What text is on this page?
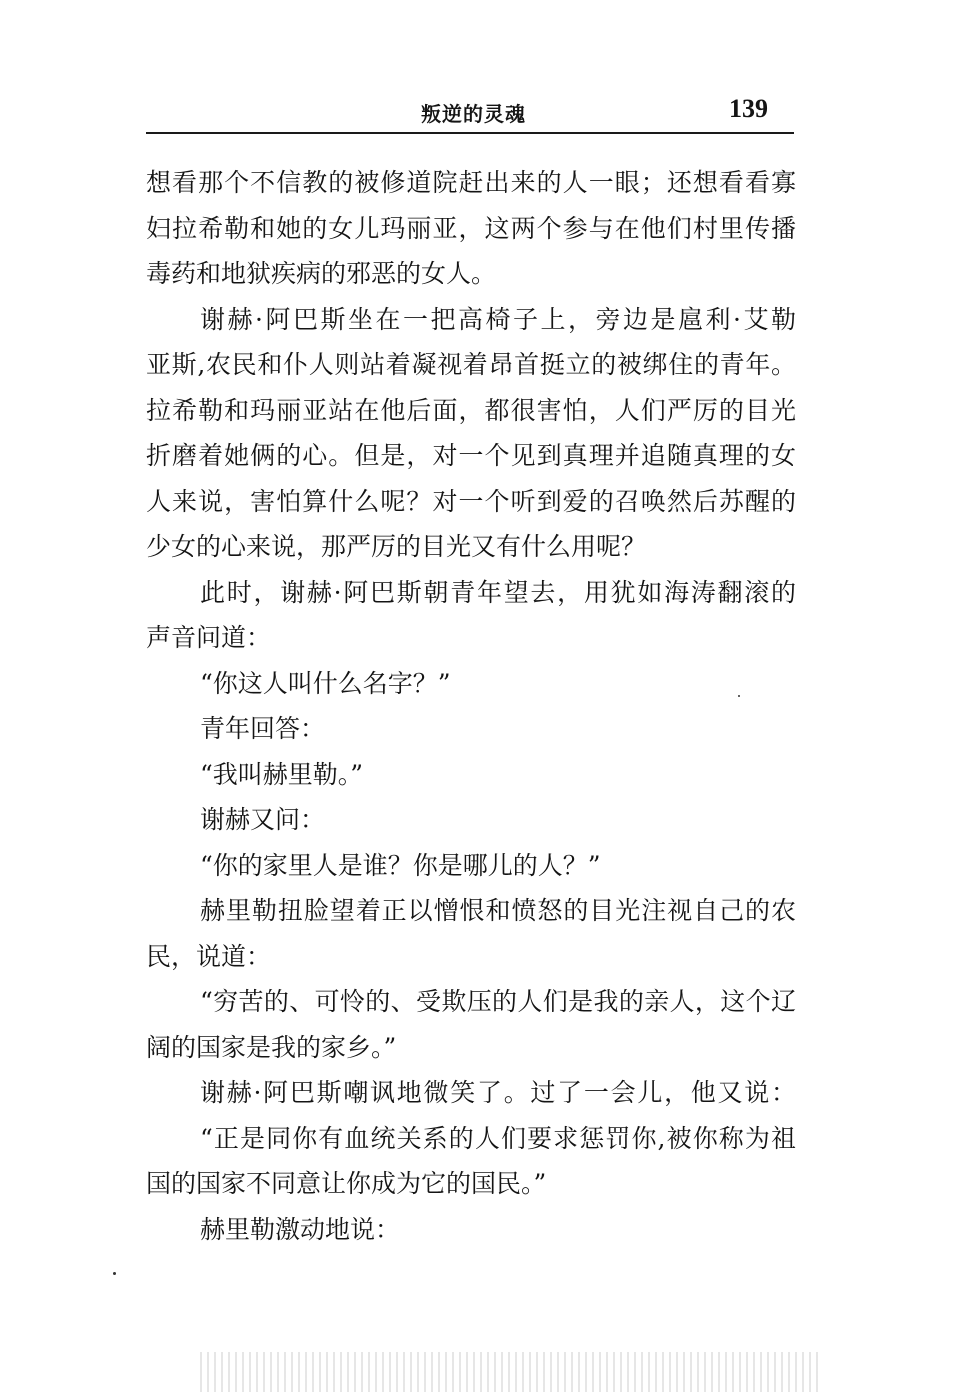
叛逆的灵魂	139
想看那个不信教的被修道院赶出来的人一眼；还想看看寡
妇拉希勒和她的女儿玛丽亚，这两个参与在他们村里传播
毒药和地狱疾病的邪恶的女人。
谢赫·阿巴斯坐在一把高椅子上，旁边是扈利·艾勒
亚斯,农民和仆人则站着凝视着昂首挺立的被绑住的青年。
拉希勒和玛丽亚站在他后面，都很害怕，人们严厉的目光
折磨着她俩的心。但是，对一个见到真理并追随真理的女
人来说，害怕算什么呢？对一个听到爱的召唤然后苏醒的
少女的心来说，那严厉的目光又有什么用呢？
此时，谢赫·阿巴斯朝青年望去，用犹如海涛翻滚的
声音问道：
“你这人叫什么名字？”
青年回答：
“我叫赫里勒。”
谢赫又问：
“你的家里人是谁？你是哪儿的人？”
赫里勒扭脸望着正以憎恨和愤怒的目光注视自己的农
民，说道：
“穷苦的、可怜的、受欺压的人们是我的亲人，这个辽
阔的国家是我的家乡。”
谢赫·阿巴斯嘲讽地微笑了。过了一会儿，他又说：
“正是同你有血统关系的人们要求惩罚你,被你称为祖
国的国家不同意让你成为它的国民。”
赫里勒激动地说：
